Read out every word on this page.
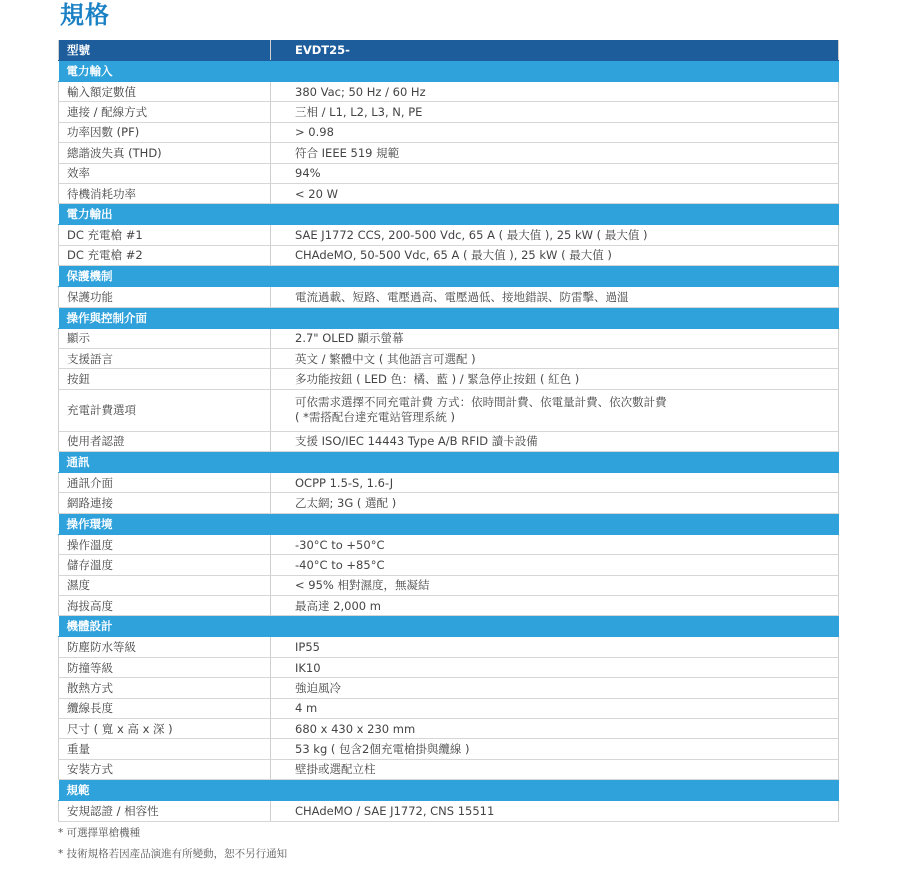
規格
型號	EVDT25-
電力輸入	
輸入額定數值	380 Vac; 50 Hz / 60 Hz
連接 / 配線方式	三相 / L1, L2, L3, N, PE
功率因數 (PF)	> 0.98
總諧波失真 (THD)	符合 IEEE 519 規範
效率	94%
待機消耗功率	< 20 W
電力輸出	
DC 充電槍 #1	SAE J1772 CCS, 200-500 Vdc, 65 A ( 最大值 ), 25 kW ( 最大值 )
DC 充電槍 #2	CHAdeMO, 50-500 Vdc, 65 A ( 最大值 ), 25 kW ( 最大值 )
保護機制	
保護功能	電流過載、短路、電壓過高、電壓過低、接地錯誤、防雷擊、過溫
操作與控制介面	
顯示	2.7" OLED 顯示螢幕
支援語言	英文 / 繁體中文 ( 其他語言可選配 )
按鈕	多功能按鈕 ( LED 色：橘、藍 ) / 緊急停止按鈕 ( 紅色 )
充電計費選項	可依需求選擇不同充電計費 方式：依時間計費、依電量計費、依次數計費
( *需搭配台達充電站管理系統 )

使用者認證	支援 ISO/IEC 14443 Type A/B RFID 讀卡設備
通訊	
通訊介面	OCPP 1.5-S, 1.6-J
網路連接	乙太網; 3G ( 選配 )
操作環境	
操作溫度	-30°C to +50°C
儲存溫度	-40°C to +85°C
濕度	< 95% 相對濕度，無凝結
海拔高度	最高達 2,000 m
機體設計	
防塵防水等級	IP55
防撞等級	IK10
散熱方式	強迫風冷
纜線長度	4 m
尺寸 ( 寬 x 高 x 深 )	680 x 430 x 230 mm
重量	53 kg ( 包含2個充電槍掛與纜線 )
安裝方式	壁掛或選配立柱
規範	
安規認證 / 相容性	CHAdeMO / SAE J1772, CNS 15511
* 可選擇單槍機種
* 技術規格若因產品演進有所變動，恕不另行通知
